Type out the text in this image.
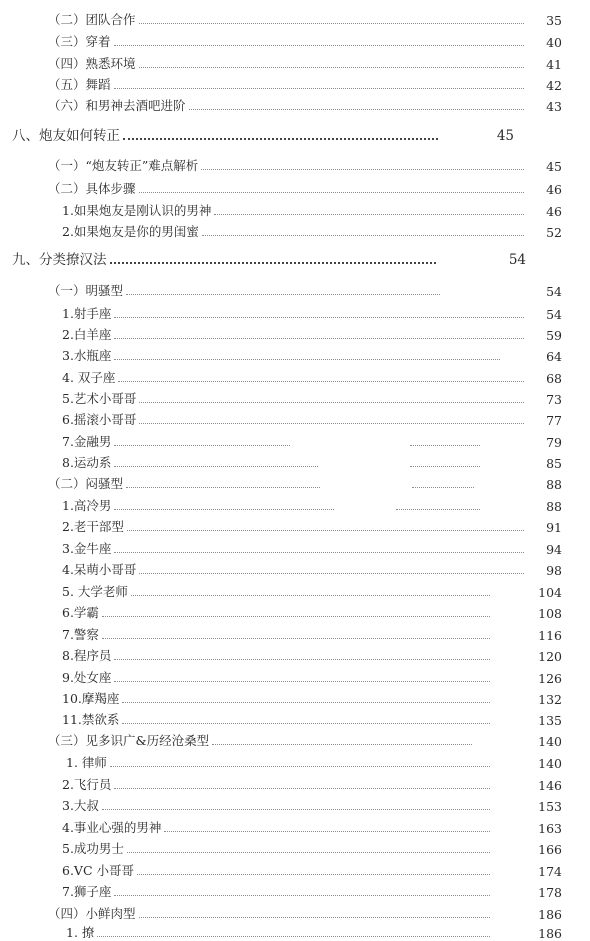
（二）团队合作	35
（三）穿着	40
（四）熟悉环境	41
（五）舞蹈	42
（六）和男神去酒吧进阶	43
八、炮友如何转正	45
（一）“炮友转正”难点解析	45
（二）具体步骤	46
1.如果炮友是刚认识的男神	46
2.如果炮友是你的男闺蜜	52
九、分类撩汉法	54
（一）明骚型	54
1.射手座	54
2.白羊座	59
3.水瓶座	64
4. 双子座	68
5.艺术小哥哥	73
6.摇滚小哥哥	77
7.金融男	79
8.运动系	85
（二）闷骚型	88
1.高冷男	88
2.老干部型	91
3.金牛座	94
4.呆萌小哥哥	98
5. 大学老师	104
6.学霸	108
7.警察	116
8.程序员	120
9.处女座	126
10.摩羯座	132
11.禁欲系	135
（三）见多识广&历经沧桑型	140
1. 律师	140
2.飞行员	146
3.大叔	153
4.事业心强的男神	163
5.成功男士	166
6.VC 小哥哥	174
7.狮子座	178
（四）小鲜肉型	186
1. 撩	186
